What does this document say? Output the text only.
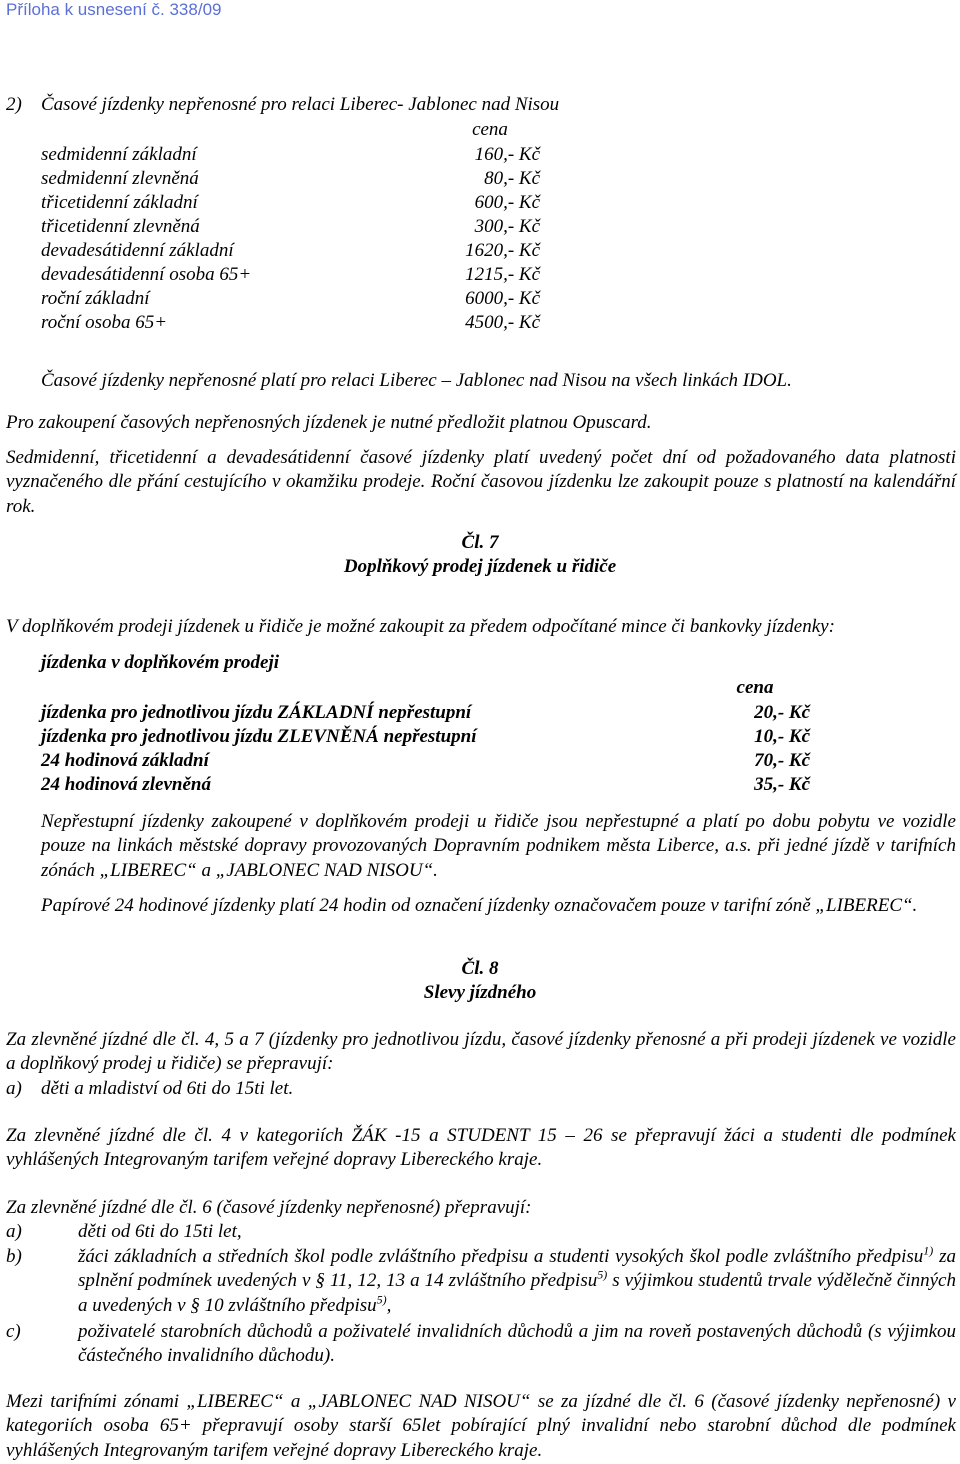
Příloha k usnesení č. 338/09
2) Časové jízdenky nepřenosné pro relaci Liberec- Jablonec nad Nisou
cena
sedmidenní základní	160,- Kč
sedmidenní zlevněná	80,- Kč
třicetidenní základní	600,- Kč
třicetidenní zlevněná	300,- Kč
devadesátidenní základní	1620,- Kč
devadesátidenní osoba 65+	1215,- Kč
roční základní	6000,- Kč
roční osoba 65+	4500,- Kč
Časové jízdenky nepřenosné platí pro relaci Liberec – Jablonec nad Nisou na všech linkách IDOL.
Pro zakoupení časových nepřenosných jízdenek je nutné předložit platnou Opuscard.
Sedmidenní, třicetidenní a devadesátidenní časové jízdenky platí uvedený počet dní od požadovaného data platnosti vyznačeného dle přání cestujícího v okamžiku prodeje. Roční časovou jízdenku lze zakoupit pouze s platností na kalendářní rok.
Čl. 7
Doplňkový prodej jízdenek u řidiče
V doplňkovém prodeji jízdenek u řidiče je možné zakoupit za předem odpočítané mince či bankovky jízdenky:
jízdenka v doplňkovém prodeji
cena
jízdenka pro jednotlivou jízdu ZÁKLADNÍ nepřestupní	20,- Kč
jízdenka pro jednotlivou jízdu ZLEVNĚNÁ nepřestupní	10,- Kč
24 hodinová základní	70,- Kč
24 hodinová zlevněná	35,- Kč
Nepřestupní jízdenky zakoupené v doplňkovém prodeji u řidiče jsou nepřestupné a platí po dobu pobytu ve vozidle pouze na linkách městské dopravy provozovaných Dopravním podnikem města Liberce, a.s. při jedné jízdě v tarifních zónách „LIBEREC“ a „JABLONEC NAD NISOU“.
Papírové 24 hodinové jízdenky platí 24 hodin od označení jízdenky označovačem pouze v tarifní zóně „LIBEREC“.
Čl. 8
Slevy jízdného
Za zlevněné jízdné dle čl. 4, 5 a 7 (jízdenky pro jednotlivou jízdu, časové jízdenky přenosné a při prodeji jízdenek ve vozidle a doplňkový prodej u řidiče) se přepravují:
a) děti a mladiství od 6ti do 15ti let.
Za zlevněné jízdné dle čl. 4 v kategoriích ŽÁK -15 a STUDENT 15 – 26 se přepravují žáci a studenti dle podmínek vyhlášených Integrovaným tarifem veřejné dopravy Libereckého kraje.
Za zlevněné jízdné dle čl. 6 (časové jízdenky nepřenosné) přepravují:
a)	děti od 6ti do 15ti let,
b)	žáci základních a středních škol podle zvláštního předpisu a studenti vysokých škol podle zvláštního předpisu$^{1)}$ za splnění podmínek uvedených v § 11, 12, 13 a 14 zvláštního předpisu$^{5)}$ s výjimkou studentů trvale výdělečně činných a uvedených v § 10 zvláštního předpisu$^{5)}$,
c)	poživatelé starobních důchodů a poživatelé invalidních důchodů a jim na roveň postavených důchodů (s výjimkou částečného invalidního důchodu).
Mezi tarifními zónami „LIBEREC“ a „JABLONEC NAD NISOU“ se za jízdné dle čl. 6 (časové jízdenky nepřenosné) v kategoriích osoba 65+ přepravují osoby starší 65let pobírající plný invalidní nebo starobní důchod dle podmínek vyhlášených Integrovaným tarifem veřejné dopravy Libereckého kraje.
